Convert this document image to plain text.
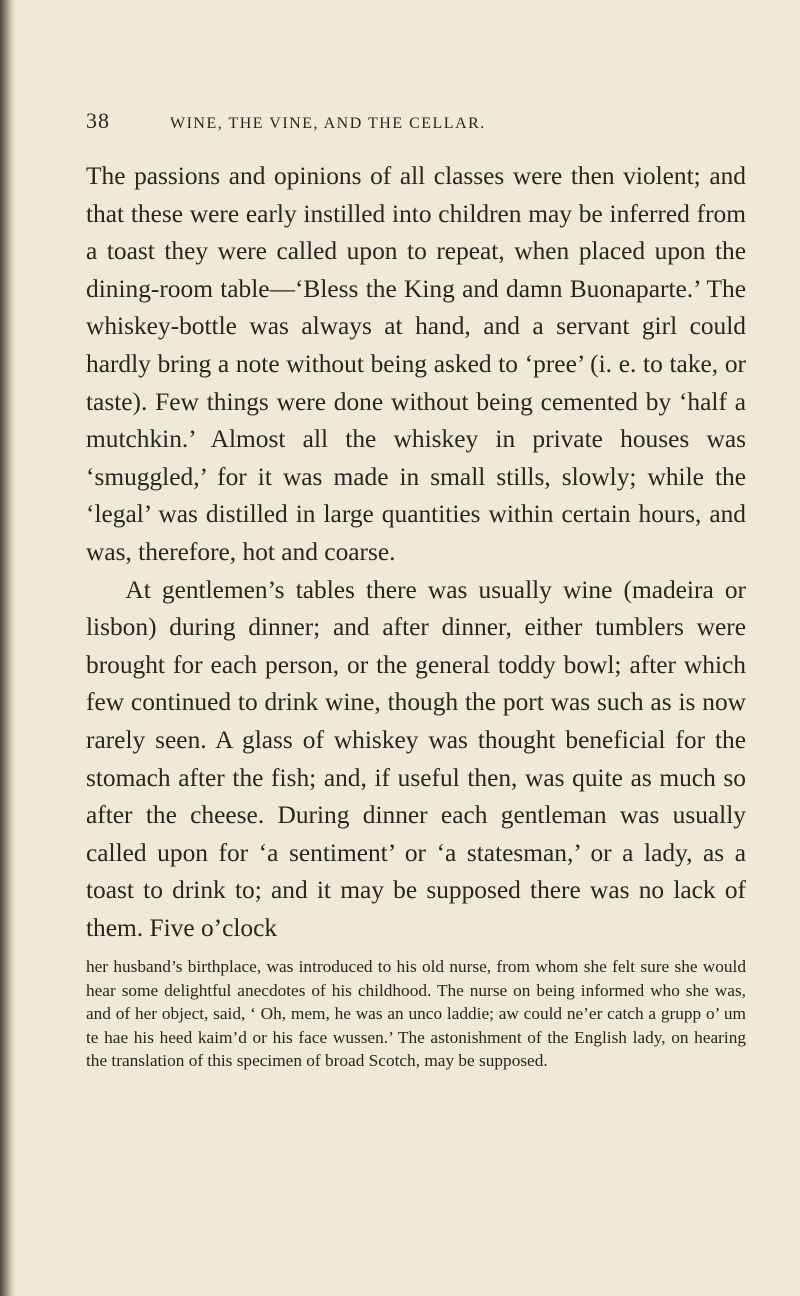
38	WINE, THE VINE, AND THE CELLAR.

The passions and opinions of all classes were then violent; and that these were early instilled into children may be inferred from a toast they were called upon to repeat, when placed upon the dining-room table—‘Bless the King and damn Buonaparte.’ The whiskey-bottle was always at hand, and a servant girl could hardly bring a note without being asked to ‘pree’ (i. e. to take, or taste). Few things were done without being cemented by ‘half a mutchkin.’ Almost all the whiskey in private houses was ‘smuggled,’ for it was made in small stills, slowly; while the ‘legal’ was distilled in large quantities within certain hours, and was, therefore, hot and coarse.

At gentlemen’s tables there was usually wine (madeira or lisbon) during dinner; and after dinner, either tumblers were brought for each person, or the general toddy bowl; after which few continued to drink wine, though the port was such as is now rarely seen. A glass of whiskey was thought beneficial for the stomach after the fish; and, if useful then, was quite as much so after the cheese. During dinner each gentleman was usually called upon for ‘a sentiment’ or ‘a statesman,’ or a lady, as a toast to drink to; and it may be supposed there was no lack of them. Five o’clock

her husband’s birthplace, was introduced to his old nurse, from whom she felt sure she would hear some delightful anecdotes of his childhood. The nurse on being informed who she was, and of her object, said, ‘ Oh, mem, he was an unco laddie; aw could ne’er catch a grupp o’ um te hae his heed kaim’d or his face wussen.’ The astonishment of the English lady, on hearing the translation of this specimen of broad Scotch, may be supposed.
